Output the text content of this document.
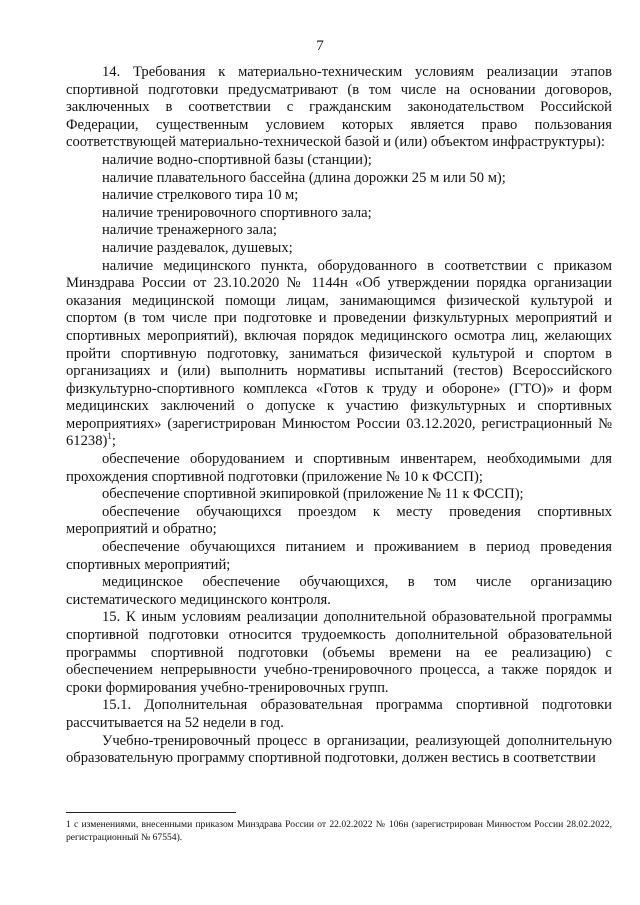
7

14. Требования к материально-техническим условиям реализации этапов спортивной подготовки предусматривают (в том числе на основании договоров, заключенных в соответствии с гражданским законодательством Российской Федерации, существенным условием которых является право пользования соответствующей материально-технической базой и (или) объектом инфраструктуры):

наличие водно-спортивной базы (станции);

наличие плавательного бассейна (длина дорожки 25 м или 50 м);

наличие стрелкового тира 10 м;

наличие тренировочного спортивного зала;

наличие тренажерного зала;

наличие раздевалок, душевых;

наличие медицинского пункта, оборудованного в соответствии с приказом Минздрава России от 23.10.2020 № 1144н «Об утверждении порядка организации оказания медицинской помощи лицам, занимающимся физической культурой и спортом (в том числе при подготовке и проведении физкультурных мероприятий и спортивных мероприятий), включая порядок медицинского осмотра лиц, желающих пройти спортивную подготовку, заниматься физической культурой и спортом в организациях и (или) выполнить нормативы испытаний (тестов) Всероссийского физкультурно-спортивного комплекса «Готов к труду и обороне» (ГТО)» и форм медицинских заключений о допуске к участию физкультурных и спортивных мероприятиях» (зарегистрирован Минюстом России 03.12.2020, регистрационный № 61238)$^1$;

обеспечение оборудованием и спортивным инвентарем, необходимыми для прохождения спортивной подготовки (приложение № 10 к ФССП);

обеспечение спортивной экипировкой (приложение № 11 к ФССП);

обеспечение обучающихся проездом к месту проведения спортивных мероприятий и обратно;

обеспечение обучающихся питанием и проживанием в период проведения спортивных мероприятий;

медицинское обеспечение обучающихся, в том числе организацию систематического медицинского контроля.

15. К иным условиям реализации дополнительной образовательной программы спортивной подготовки относится трудоемкость дополнительной образовательной программы спортивной подготовки (объемы времени на ее реализацию) с обеспечением непрерывности учебно-тренировочного процесса, а также порядок и сроки формирования учебно-тренировочных групп.

15.1. Дополнительная образовательная программа спортивной подготовки рассчитывается на 52 недели в год.

Учебно-тренировочный процесс в организации, реализующей дополнительную образовательную программу спортивной подготовки, должен вестись в соответствии

1 с изменениями, внесенными приказом Минздрава России от 22.02.2022 № 106н (зарегистрирован Минюстом России 28.02.2022, регистрационный № 67554).
